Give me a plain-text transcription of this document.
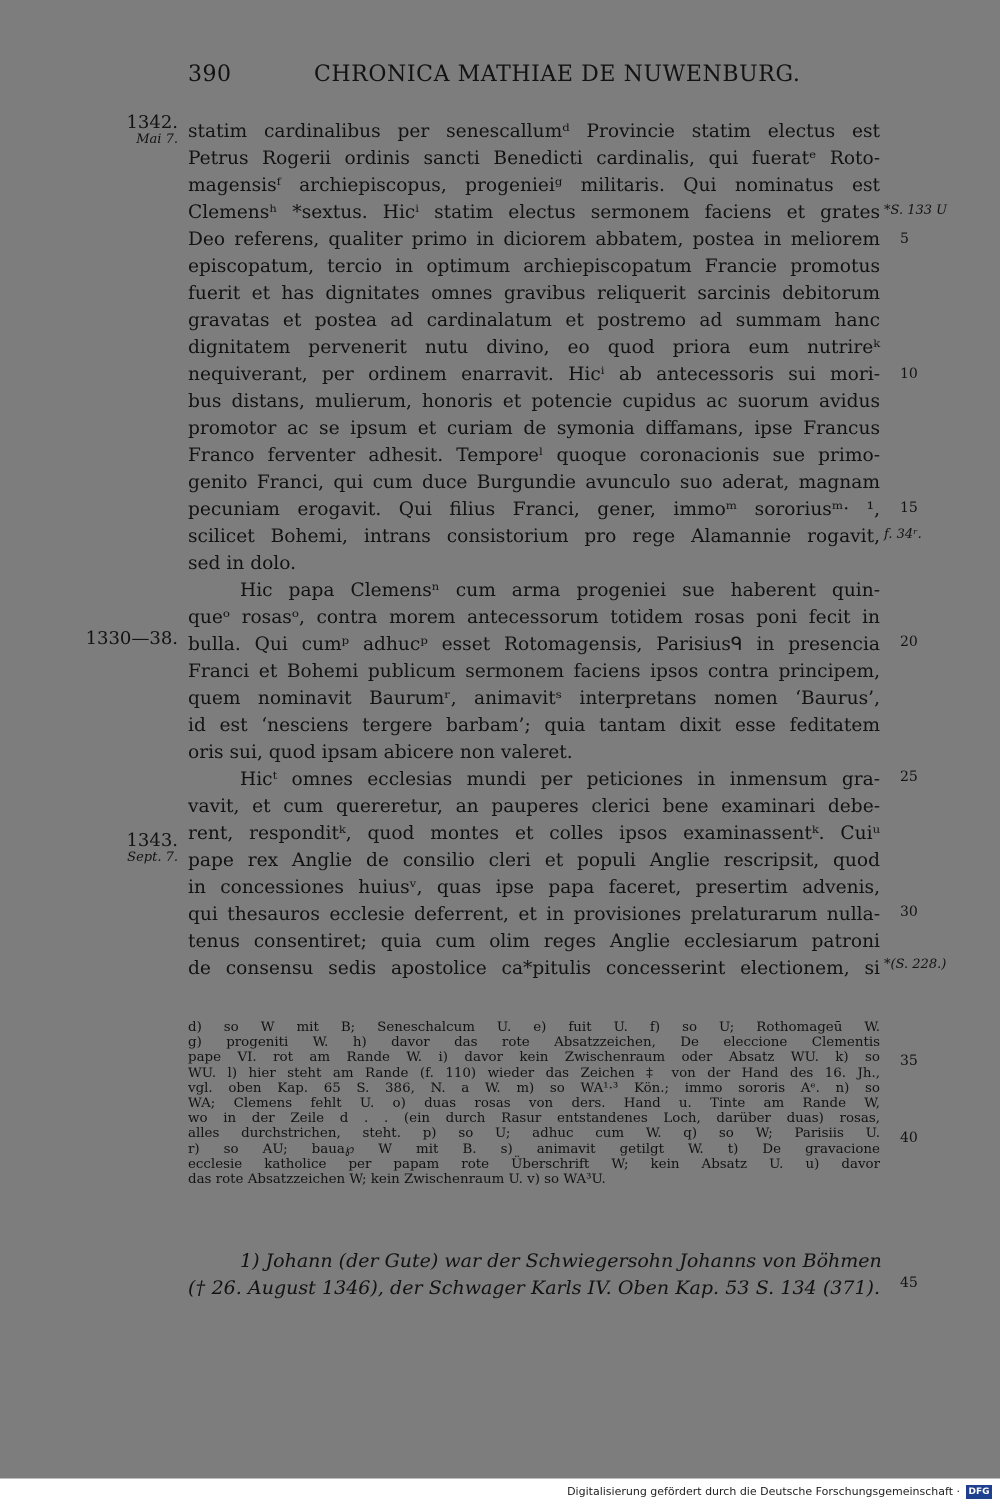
390	CHRONICA MATHIAE DE NUWENBURG.
1342.
Mai 7.
1330—38.
1343.
Sept. 7.
*S. 133 U
5
10
15
f. 34ʳ.
20
25
30
*(S. 228.)
35
40
45
statim cardinalibus per senescallumᵈ Provincie statim electus est
Petrus Rogerii ordinis sancti Benedicti cardinalis, qui fueratᵉ Roto-
magensisᶠ archiepiscopus, progenieiᵍ militaris. Qui nominatus est
Clemensʰ *sextus. Hicⁱ statim electus sermonem faciens et grates
Deo referens, qualiter primo in diciorem abbatem, postea in meliorem
episcopatum, tercio in optimum archiepiscopatum Francie promotus
fuerit et has dignitates omnes gravibus reliquerit sarcinis debitorum
gravatas et postea ad cardinalatum et postremo ad summam hanc
dignitatem pervenerit nutu divino, eo quod priora eum nutrireᵏ
nequiverant, per ordinem enarravit. Hicⁱ ab antecessoris sui mori-
bus distans, mulierum, honoris et potencie cupidus ac suorum avidus
promotor ac se ipsum et curiam de symonia diffamans, ipse Francus
Franco ferventer adhesit. Temporeˡ quoque coronacionis sue primo-
genito Franci, qui cum duce Burgundie avunculo suo aderat, magnam
pecuniam erogavit. Qui filius Franci, gener, immoᵐ sororiusᵐ· ¹,
scilicet Bohemi, intrans consistorium pro rege Alamannie rogavit,
sed in dolo.
Hic papa Clemensⁿ cum arma progeniei sue haberent quin-
queᵒ rosasᵒ, contra morem antecessorum totidem rosas poni fecit in
bulla. Qui cumᵖ adhucᵖ esset Rotomagensis, Parisiusᑫ in presencia
Franci et Bohemi publicum sermonem faciens ipsos contra principem,
quem nominavit Baurumʳ, animavitˢ interpretans nomen ‘Baurus’,
id est ‘nesciens tergere barbam’; quia tantam dixit esse feditatem
oris sui, quod ipsam abicere non valeret.
Hicᵗ omnes ecclesias mundi per peticiones in inmensum gra-
vavit, et cum quereretur, an pauperes clerici bene examinari debe-
rent, responditᵏ, quod montes et colles ipsos examinassentᵏ. Cuiᵘ
pape rex Anglie de consilio cleri et populi Anglie rescripsit, quod
in concessiones huiusᵛ, quas ipse papa faceret, presertim advenis,
qui thesauros ecclesie deferrent, et in provisiones prelaturarum nulla-
tenus consentiret; quia cum olim reges Anglie ecclesiarum patroni
de consensu sedis apostolice ca*pitulis concesserint electionem, si
d) so W mit B; Seneschalcum U. e) fuit U. f) so U; Rothomageū W.
g) progeniti W. h) davor das rote Absatzzeichen, De eleccione Clementis
pape VI. rot am Rande W. i) davor kein Zwischenraum oder Absatz WU. k) so
WU. l) hier steht am Rande (f. 110) wieder das Zeichen ‡ von der Hand des 16. Jh.,
vgl. oben Kap. 65 S. 386, N. a W. m) so WA¹·³ Kön.; immo sororis Aᵉ. n) so
WA; Clemens fehlt U. o) duas rosas von ders. Hand u. Tinte am Rande W,
wo in der Zeile d . . (ein durch Rasur entstandenes Loch, darüber duas) rosas,
alles durchstrichen, steht. p) so U; adhuc cum W. q) so W; Parisiis U.
r) so AU; baua℘ W mit B. s) animavit getilgt W. t) De gravacione
ecclesie katholice per papam rote Überschrift W; kein Absatz U. u) davor
das rote Absatzzeichen W; kein Zwischenraum U. v) so WA³U.
1) Johann (der Gute) war der Schwiegersohn Johanns von Böhmen
(† 26. August 1346), der Schwager Karls IV. Oben Kap. 53 S. 134 (371).
Digitalisierung gefördert durch die Deutsche Forschungsgemeinschaft · DFG
